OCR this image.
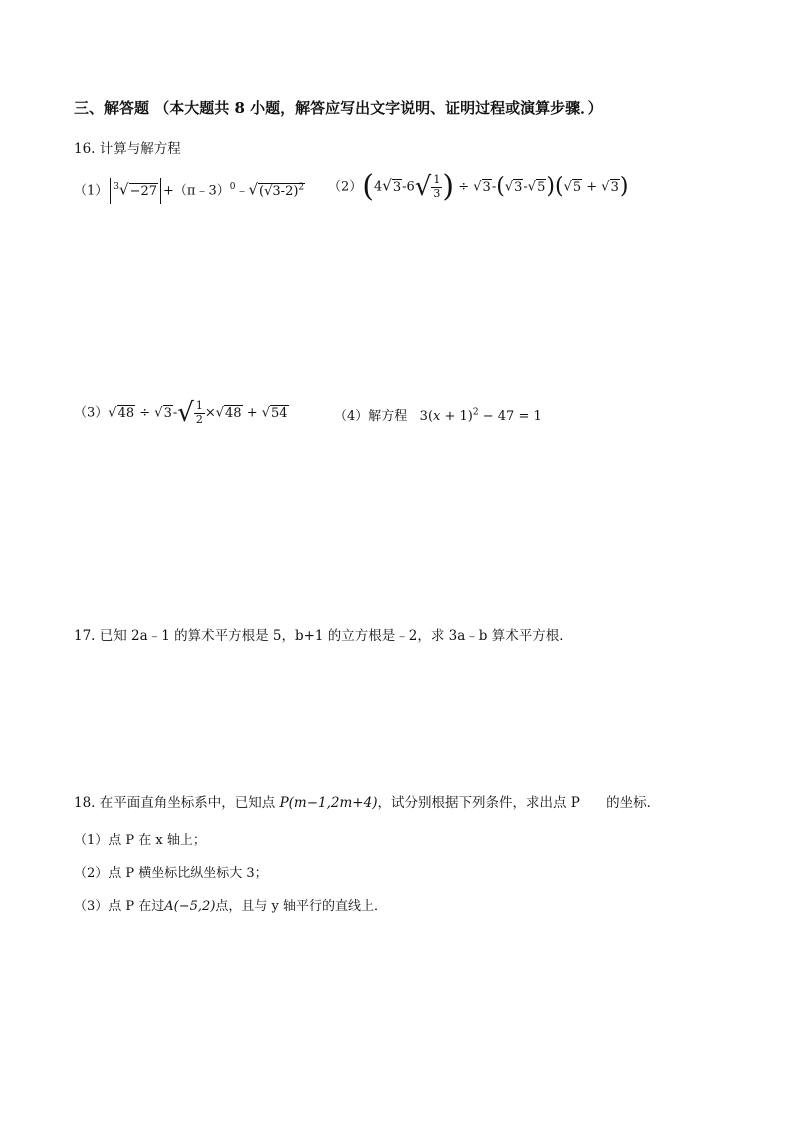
三、解答题 （本大题共 8 小题，解答应写出文字说明、证明过程或演算步骤．）
16. 计算与解方程
（1） $^3√-27 +(\pi﹣3)^0﹣√(√3-2)^2$ $(2)(4√3-6√ \frac{1}{3}$ ) ÷ √3-(√3-√5)(√5 + √3)
$(3)√48 \div √3-√ \frac{1}{2} \times√48 + √54$	（4）解方程   $3(x + 1)^2 - 47 = 1$
17. 已知 2a﹣1 的算术平方根是 5，b+1 的立方根是﹣2，求 3a﹣b 算术平方根．
18. 在平面直角坐标系中，已知点 P(m−1,2m+4)，试分别根据下列条件，求出点 P 的坐标．
（1）点 P 在 x 轴上；
（2）点 P 横坐标比纵坐标大 3；
（3）点 P 在过A(−5,2)点，且与 y 轴平行的直线上．
